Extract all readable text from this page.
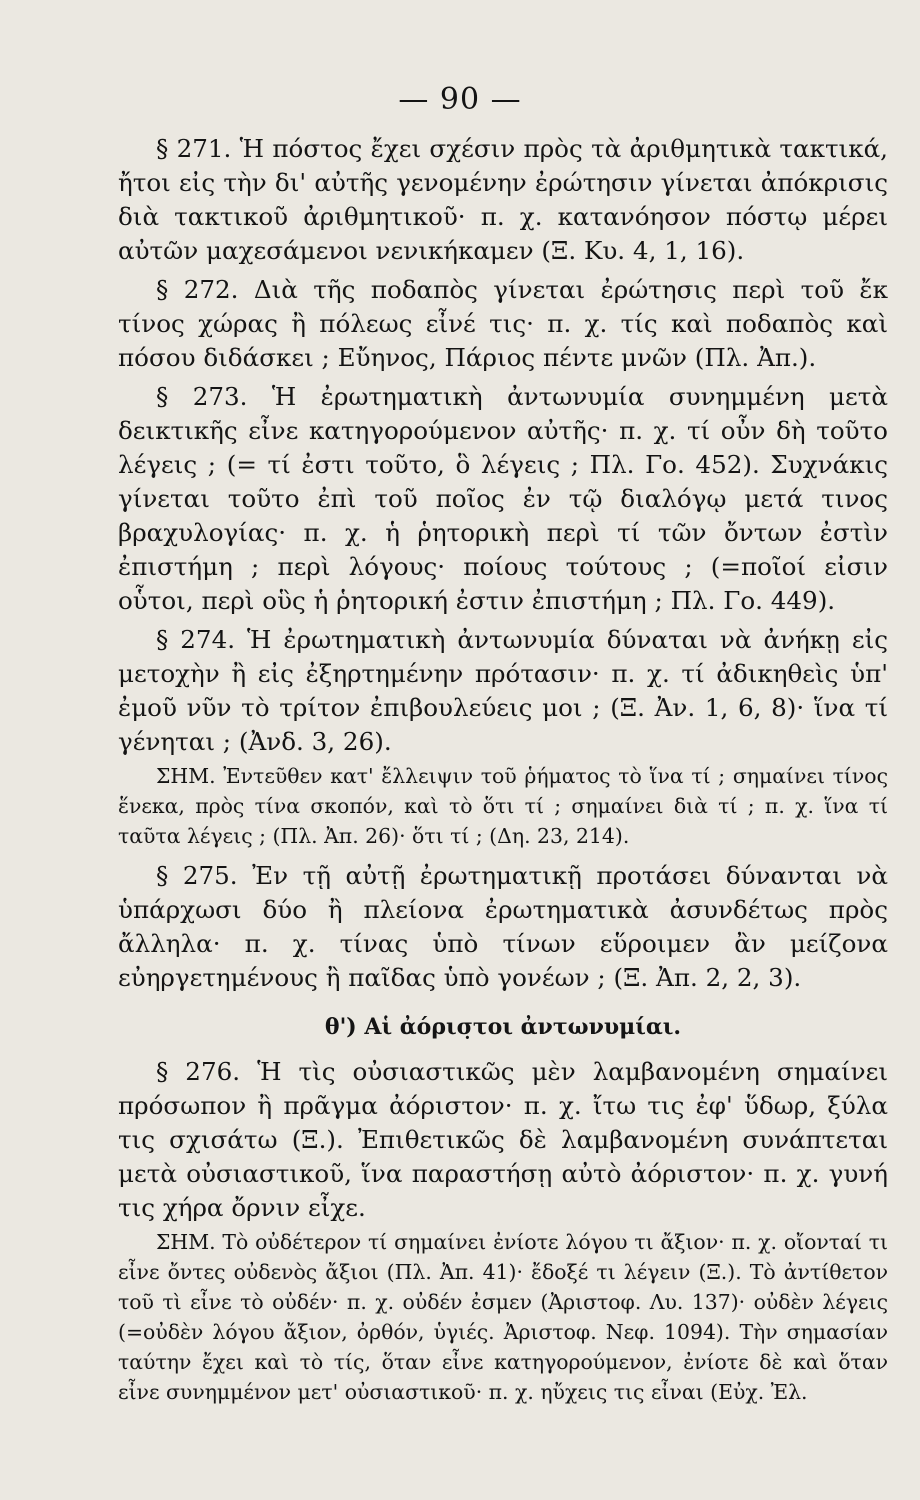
— 90 —

§ 271. Ἡ πόστος ἔχει σχέσιν πρὸς τὰ ἀριθμητικὰ τακτικά, ἤτοι εἰς τὴν δι' αὐτῆς γενομένην ἐρώτησιν γίνεται ἀπόκρισις διὰ τακτικοῦ ἀριθμητικοῦ· π. χ. κατανόησον πόστῳ μέρει αὐτῶν μαχεσάμενοι νενικήκαμεν (Ξ. Κυ. 4, 1, 16).

§ 272. Διὰ τῆς ποδαπὸς γίνεται ἐρώτησις περὶ τοῦ ἔκ τίνος χώρας ἢ πόλεως εἶνέ τις· π. χ. τίς καὶ ποδαπὸς καὶ πόσου διδάσκει ; Εὔηνος, Πάριος πέντε μνῶν (Πλ. Ἀπ.).

§ 273. Ἡ ἐρωτηματικὴ ἀντωνυμία συνημμένη μετὰ δεικτικῆς εἶνε κατηγορούμενον αὐτῆς· π. χ. τί οὖν δὴ τοῦτο λέγεις ; (= τί ἐστι τοῦτο, ὃ λέγεις ; Πλ. Γο. 452). Συχνάκις γίνεται τοῦτο ἐπὶ τοῦ ποῖος ἐν τῷ διαλόγῳ μετά τινος βραχυλογίας· π. χ. ἡ ῥητορικὴ περὶ τί τῶν ὄντων ἐστὶν ἐπιστήμη ; περὶ λόγους· ποίους τούτους ; (=ποῖοί εἰσιν οὗτοι, περὶ οὓς ἡ ῥητορική ἐστιν ἐπιστήμη ; Πλ. Γο. 449).

§ 274. Ἡ ἐρωτηματικὴ ἀντωνυμία δύναται νὰ ἀνήκῃ εἰς μετοχὴν ἢ εἰς ἐξηρτημένην πρότασιν· π. χ. τί ἀδικηθεὶς ὑπ' ἐμοῦ νῦν τὸ τρίτον ἐπιβουλεύεις μοι ; (Ξ. Ἀν. 1, 6, 8)· ἵνα τί γένηται ; (Ἀνδ. 3, 26).

ΣΗΜ. Ἐντεῦθεν κατ' ἔλλειψιν τοῦ ῥήματος τὸ ἵνα τί ; σημαίνει τίνος ἕνεκα, πρὸς τίνα σκοπόν, καὶ τὸ ὅτι τί ; σημαίνει διὰ τί ; π. χ. ἵνα τί ταῦτα λέγεις ; (Πλ. Ἀπ. 26)· ὅτι τί ; (Δη. 23, 214).

§ 275. Ἐν τῇ αὐτῇ ἐρωτηματικῇ προτάσει δύνανται νὰ ὑπάρχωσι δύο ἢ πλείονα ἐρωτηματικὰ ἀσυνδέτως πρὸς ἄλληλα· π. χ. τίνας ὑπὸ τίνων εὕροιμεν ἂν μείζονα εὐηργετημένους ἢ παῖδας ὑπὸ γονέων ; (Ξ. Ἀπ. 2, 2, 3).

θ') Αἱ ἀόρισ̣τοι ἀντωνυμίαι.

§ 276. Ἡ τὶς οὐσιαστικῶς μὲν λαμβανομένη σημαίνει πρόσωπον ἢ πρᾶγμα ἀόριστον· π. χ. ἴτω τις ἐφ' ὕδωρ, ξύλα τις σχισάτω (Ξ.). Ἐπιθετικῶς δὲ λαμβανομένη συνάπτεται μετὰ οὐσιαστικοῦ, ἵνα παραστήσῃ αὐτὸ ἀόριστον· π. χ. γυνή τις χήρα ὄρνιν εἶχε.

ΣΗΜ. Τὸ οὐδέτερον τί σημαίνει ἐνίοτε λόγου τι ἄξιον· π. χ. οἴονταί τι εἶνε ὄντες οὐδενὸς ἄξιοι (Πλ. Ἀπ. 41)· ἔδοξέ τι λέγειν (Ξ.). Τὸ ἀντίθετον τοῦ τὶ εἶνε τὸ οὐδέν· π. χ. οὐδέν ἐσμεν (Ἀριστοφ. Λυ. 137)· οὐδὲν λέγεις (=οὐδὲν λόγου ἄξιον, ὀρθόν, ὑγιές. Ἀριστοφ. Νεφ. 1094). Τὴν σημασίαν ταύτην ἔχει καὶ τὸ τίς, ὅταν εἶνε κατηγορούμενον, ἐνίοτε δὲ καὶ ὅταν εἶνε συνημμένον μετ' οὐσιαστικοῦ· π. χ. ηὔχεις τις εἶναι (Εὐχ. Ἐλ.
